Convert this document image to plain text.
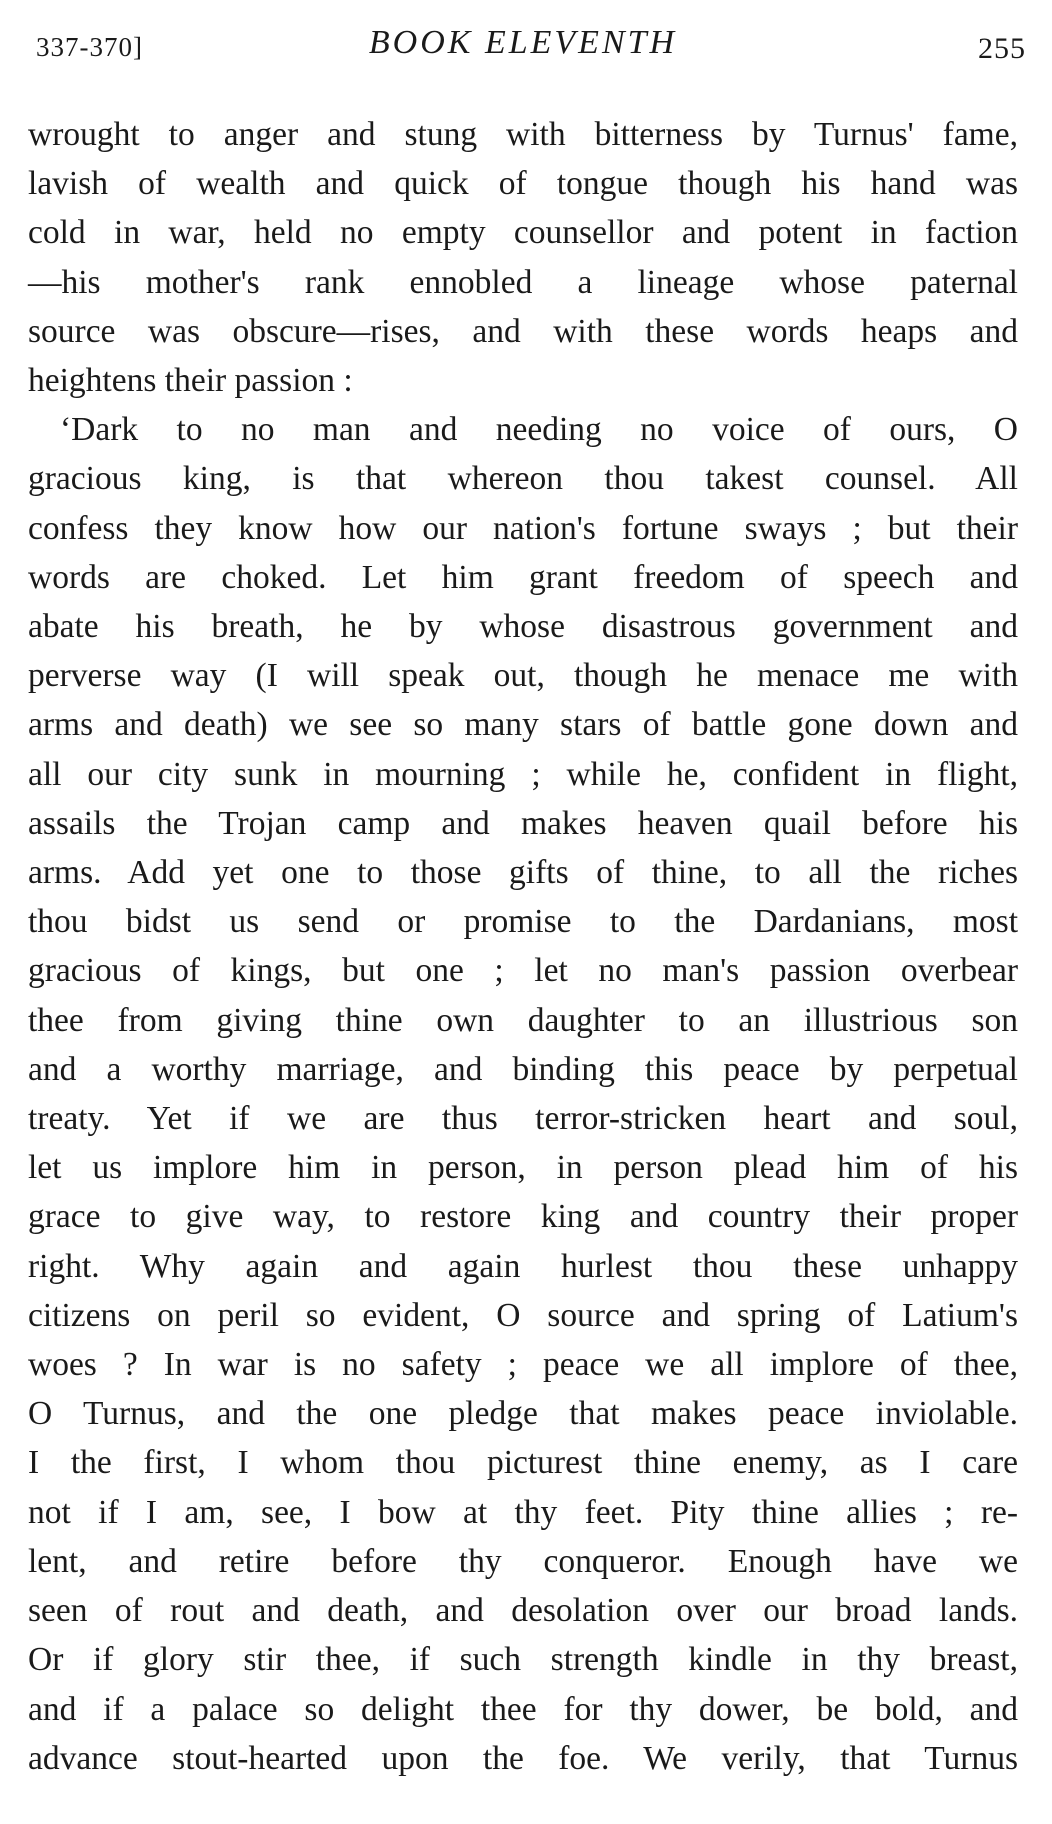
337-370]	BOOK ELEVENTH	255
wrought to anger and stung with bitterness by Turnus' fame,
lavish of wealth and quick of tongue though his hand was
cold in war, held no empty counsellor and potent in faction
—his mother's rank ennobled a lineage whose paternal
source was obscure—rises, and with these words heaps and
heightens their passion :
‘Dark to no man and needing no voice of ours, O
gracious king, is that whereon thou takest counsel. All
confess they know how our nation's fortune sways ; but their
words are choked. Let him grant freedom of speech and
abate his breath, he by whose disastrous government and
perverse way (I will speak out, though he menace me with
arms and death) we see so many stars of battle gone down and
all our city sunk in mourning ; while he, confident in flight,
assails the Trojan camp and makes heaven quail before his
arms. Add yet one to those gifts of thine, to all the riches
thou bidst us send or promise to the Dardanians, most
gracious of kings, but one ; let no man's passion overbear
thee from giving thine own daughter to an illustrious son
and a worthy marriage, and binding this peace by perpetual
treaty. Yet if we are thus terror-stricken heart and soul,
let us implore him in person, in person plead him of his
grace to give way, to restore king and country their proper
right. Why again and again hurlest thou these unhappy
citizens on peril so evident, O source and spring of Latium's
woes ? In war is no safety ; peace we all implore of thee,
O Turnus, and the one pledge that makes peace inviolable.
I the first, I whom thou picturest thine enemy, as I care
not if I am, see, I bow at thy feet. Pity thine allies ; re-
lent, and retire before thy conqueror. Enough have we
seen of rout and death, and desolation over our broad lands.
Or if glory stir thee, if such strength kindle in thy breast,
and if a palace so delight thee for thy dower, be bold, and
advance stout-hearted upon the foe. We verily, that Turnus
